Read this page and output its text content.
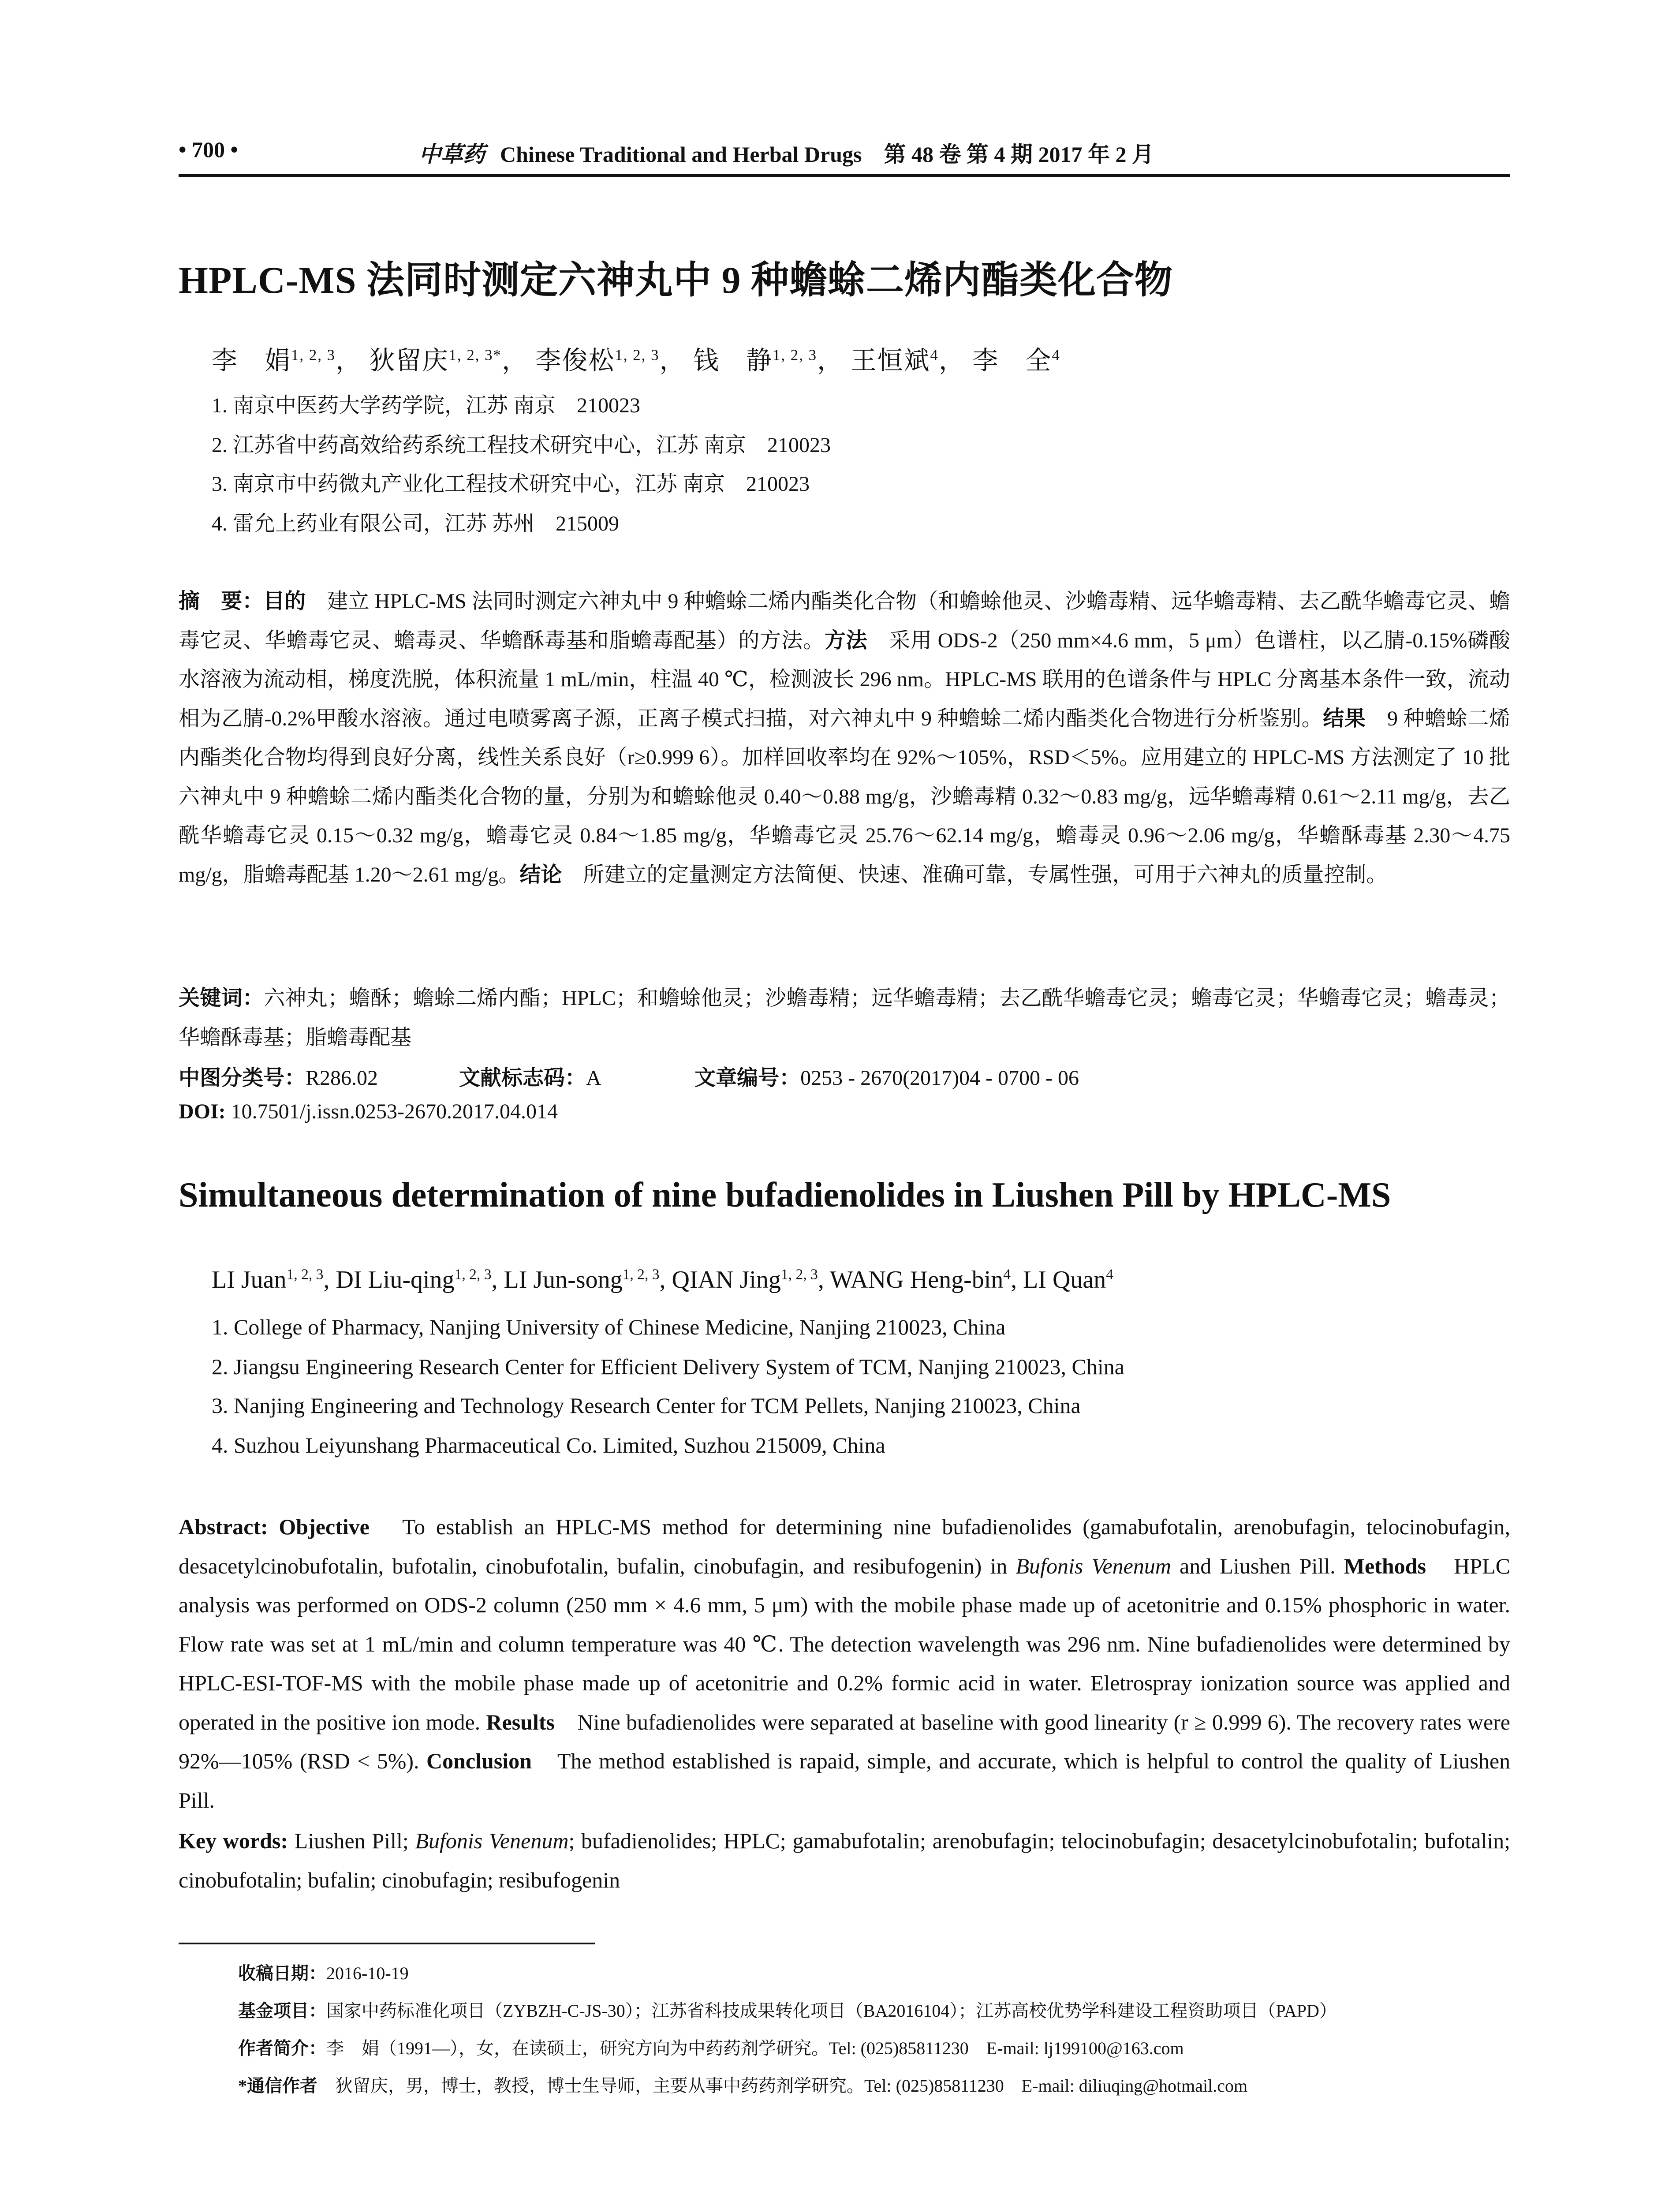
• 700 •	中草药 Chinese Traditional and Herbal Drugs　 第 48 卷 第 4 期 2017 年 2 月
HPLC-MS 法同时测定六神丸中 9 种蟾蜍二烯内酯类化合物
李　娟$^{1, 2, 3}$， 狄留庆$^{1, 2, 3*}$， 李俊松$^{1, 2, 3}$， 钱　静$^{1, 2, 3}$， 王恒斌$^4$， 李　全$^4$
1. 南京中医药大学药学院，江苏 南京　210023
2. 江苏省中药高效给药系统工程技术研究中心，江苏 南京　210023
3. 南京市中药微丸产业化工程技术研究中心，江苏 南京　210023
4. 雷允上药业有限公司，江苏 苏州　215009
摘　要：目的　建立 HPLC-MS 法同时测定六神丸中 9 种蟾蜍二烯内酯类化合物（和蟾蜍他灵、沙蟾毒精、远华蟾毒精、去乙酰华蟾毒它灵、蟾毒它灵、华蟾毒它灵、蟾毒灵、华蟾酥毒基和脂蟾毒配基）的方法。方法　采用 ODS-2（250 mm×4.6 mm，5 μm）色谱柱，以乙腈-0.15%磷酸水溶液为流动相，梯度洗脱，体积流量 1 mL/min，柱温 40 ℃，检测波长 296 nm。HPLC-MS 联用的色谱条件与 HPLC 分离基本条件一致，流动相为乙腈-0.2%甲酸水溶液。通过电喷雾离子源，正离子模式扫描，对六神丸中 9 种蟾蜍二烯内酯类化合物进行分析鉴别。结果　9 种蟾蜍二烯内酯类化合物均得到良好分离，线性关系良好（r≥0.999 6）。加样回收率均在 92%～105%，RSD＜5%。应用建立的 HPLC-MS 方法测定了 10 批六神丸中 9 种蟾蜍二烯内酯类化合物的量，分别为和蟾蜍他灵 0.40～0.88 mg/g，沙蟾毒精 0.32～0.83 mg/g，远华蟾毒精 0.61～2.11 mg/g，去乙酰华蟾毒它灵 0.15～0.32 mg/g，蟾毒它灵 0.84～1.85 mg/g，华蟾毒它灵 25.76～62.14 mg/g，蟾毒灵 0.96～2.06 mg/g，华蟾酥毒基 2.30～4.75 mg/g，脂蟾毒配基 1.20～2.61 mg/g。结论　所建立的定量测定方法简便、快速、准确可靠，专属性强，可用于六神丸的质量控制。
关键词：六神丸；蟾酥；蟾蜍二烯内酯；HPLC；和蟾蜍他灵；沙蟾毒精；远华蟾毒精；去乙酰华蟾毒它灵；蟾毒它灵；华蟾毒它灵；蟾毒灵；华蟾酥毒基；脂蟾毒配基
中图分类号：R286.02	文献标志码：A	文章编号：0253 - 2670(2017)04 - 0700 - 06
DOI: 10.7501/j.issn.0253-2670.2017.04.014
Simultaneous determination of nine bufadienolides in Liushen Pill by HPLC-MS
LI Juan$^{1, 2, 3}$, DI Liu-qing$^{1, 2, 3}$, LI Jun-song$^{1, 2, 3}$, QIAN Jing$^{1, 2, 3}$, WANG Heng-bin$^4$, LI Quan$^4$
1. College of Pharmacy, Nanjing University of Chinese Medicine, Nanjing 210023, China
2. Jiangsu Engineering Research Center for Efficient Delivery System of TCM, Nanjing 210023, China
3. Nanjing Engineering and Technology Research Center for TCM Pellets, Nanjing 210023, China
4. Suzhou Leiyunshang Pharmaceutical Co. Limited, Suzhou 215009, China
Abstract: Objective　To establish an HPLC-MS method for determining nine bufadienolides (gamabufotalin, arenobufagin, telocinobufagin, desacetylcinobufotalin, bufotalin, cinobufotalin, bufalin, cinobufagin, and resibufogenin) in Bufonis Venenum and Liushen Pill. Methods　HPLC analysis was performed on ODS-2 column (250 mm × 4.6 mm, 5 μm) with the mobile phase made up of acetonitrie and 0.15% phosphoric in water. Flow rate was set at 1 mL/min and column temperature was 40 ℃. The detection wavelength was 296 nm. Nine bufadienolides were determined by HPLC-ESI-TOF-MS with the mobile phase made up of acetonitrie and 0.2% formic acid in water. Eletrospray ionization source was applied and operated in the positive ion mode. Results　Nine bufadienolides were separated at baseline with good linearity (r ≥ 0.999 6). The recovery rates were 92%—105% (RSD < 5%). Conclusion　The method established is rapaid, simple, and accurate, which is helpful to control the quality of Liushen Pill.
Key words: Liushen Pill; Bufonis Venenum; bufadienolides; HPLC; gamabufotalin; arenobufagin; telocinobufagin; desacetylcinobufotalin; bufotalin; cinobufotalin; bufalin; cinobufagin; resibufogenin
收稿日期：2016-10-19
基金项目：国家中药标准化项目（ZYBZH-C-JS-30）；江苏省科技成果转化项目（BA2016104）；江苏高校优势学科建设工程资助项目（PAPD）
作者简介：李　娟（1991—），女，在读硕士，研究方向为中药药剂学研究。Tel: (025)85811230　E-mail: lj199100@163.com
*通信作者　狄留庆，男，博士，教授，博士生导师，主要从事中药药剂学研究。Tel: (025)85811230　E-mail: diliuqing@hotmail.com
